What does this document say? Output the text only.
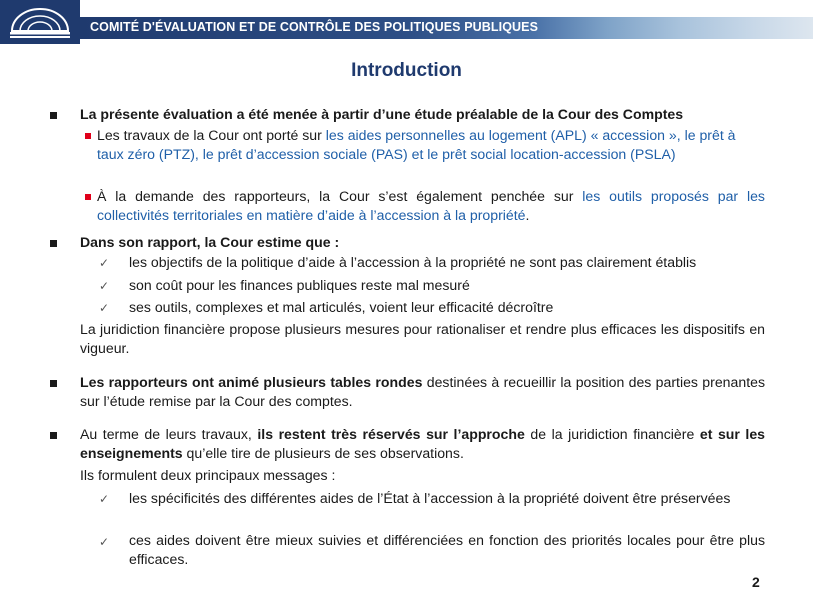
COMITÉ D'ÉVALUATION ET DE CONTRÔLE DES POLITIQUES PUBLIQUES
Introduction
La présente évaluation a été menée à partir d’une étude préalable de la Cour des Comptes
Les travaux de la Cour ont porté sur les aides personnelles au logement (APL) « accession », le prêt à taux zéro (PTZ), le prêt d’accession sociale (PAS) et le prêt social location-accession (PSLA)
À la demande des rapporteurs, la Cour s’est également penchée sur les outils proposés par les collectivités territoriales en matière d’aide à l’accession à la propriété.
Dans son rapport, la Cour estime que :
✓ les objectifs de la politique d’aide à l’accession à la propriété ne sont pas clairement établis
✓ son coût pour les finances publiques reste mal mesuré
✓ ses outils, complexes et mal articulés, voient leur efficacité décroître
La juridiction financière propose plusieurs mesures pour rationaliser et rendre plus efficaces les dispositifs en vigueur.
Les rapporteurs ont animé plusieurs tables rondes destinées à recueillir la position des parties prenantes sur l’étude remise par la Cour des comptes.
Au terme de leurs travaux, ils restent très réservés sur l’approche de la juridiction financière et sur les enseignements qu’elle tire de plusieurs de ses observations.
Ils formulent deux principaux messages :
✓ les spécificités des différentes aides de l’État à l’accession à la propriété doivent être préservées
✓ ces aides doivent être mieux suivies et différenciées en fonction des priorités locales pour être plus efficaces.
2
